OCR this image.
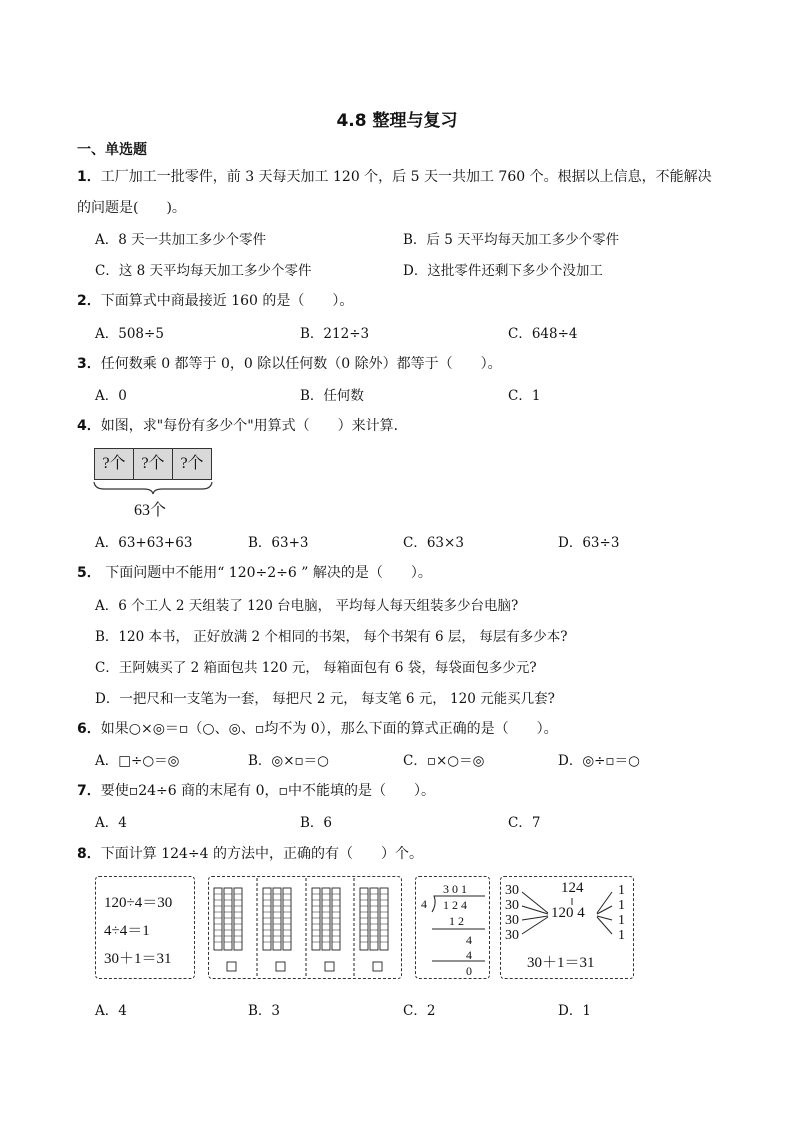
4.8 整理与复习
一、单选题
1．工厂加工一批零件，前 3 天每天加工 120 个，后 5 天一共加工 760 个。根据以上信息，不能解决
的问题是(　　)。
A．8 天一共加工多少个零件	B．后 5 天平均每天加工多少个零件
C．这 8 天平均每天加工多少个零件	D．这批零件还剩下多少个没加工
2．下面算式中商最接近 160 的是（　　）。
A．508÷5	B．212÷3	C．648÷4
3．任何数乘 0 都等于 0，0 除以任何数（0 除外）都等于（　　）。
A．0	B．任何数	C．1
4．如图，求"每份有多少个"用算式（　　）来计算．
?个 ?个 ?个
63个
A．63+63+63	B．63+3	C．63×3	D．63÷3
5． 下面问题中不能用“ 120÷2÷6 ” 解决的是（　　）。
A．6 个工人 2 天组装了 120 台电脑， 平均每人每天组装多少台电脑?
B．120 本书， 正好放满 2 个相同的书架， 每个书架有 6 层， 每层有多少本?
C．王阿姨买了 2 箱面包共 120 元， 每箱面包有 6 袋，每袋面包多少元?
D．一把尺和一支笔为一套， 每把尺 2 元， 每支笔 6 元， 120 元能买几套?
6．如果○×◎＝▫（○、◎、▫均不为 0），那么下面的算式正确的是（　　）。
A．□÷○＝◎	B．◎×▫＝○	C．▫×○＝◎	D．◎÷▫＝○
7．要使▫24÷6 商的末尾有 0，▫中不能填的是（　　）。
A．4	B．6	C．7
8．下面计算 124÷4 的方法中，正确的有（　　）个。
120÷4＝30
4÷4＝1
30＋1＝31
3 0 1
4 1 2 4
1 2
4
4
0
124
120 4
30
30
30
30
1
1
1
1
30＋1＝31
A．4	B．3	C．2	D．1
